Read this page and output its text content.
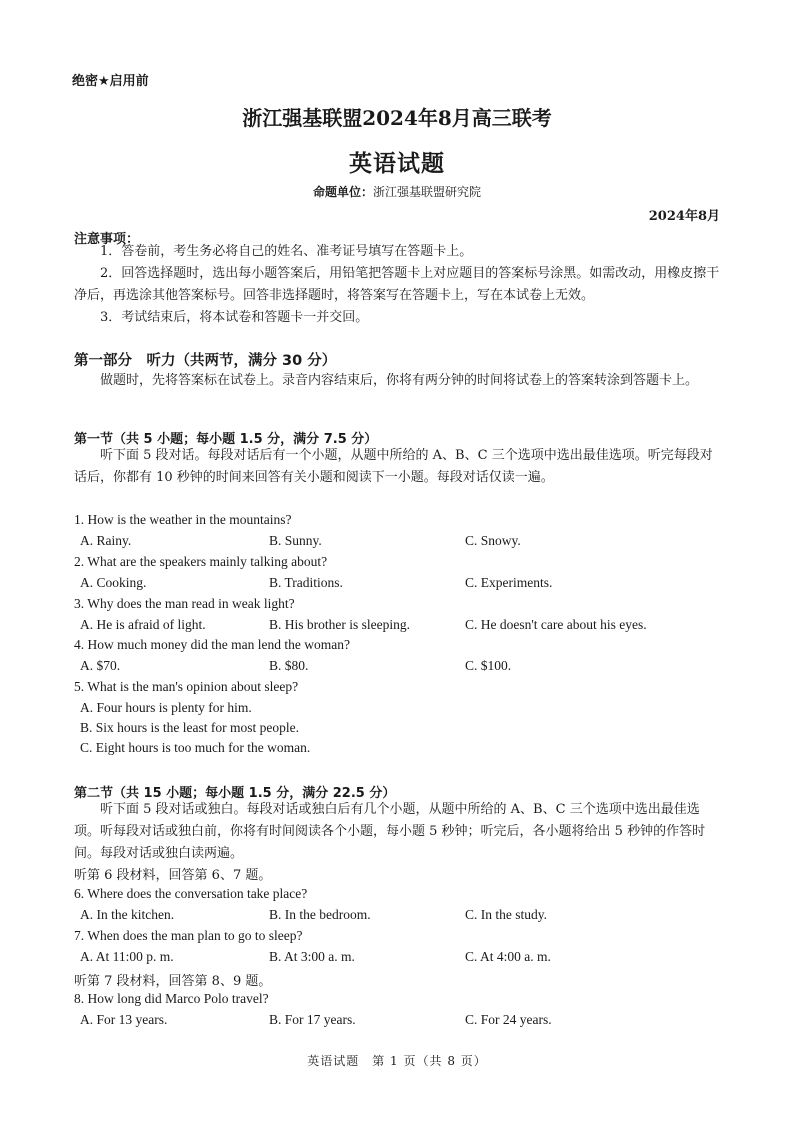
绝密★启用前
浙江强基联盟2024年8月高三联考
英语试题
命题单位：浙江强基联盟研究院
2024年8月
注意事项：
1．答卷前，考生务必将自己的姓名、准考证号填写在答题卡上。
2．回答选择题时，选出每小题答案后，用铅笔把答题卡上对应题目的答案标号涂黑。如需改动，用橡皮擦干净后，再选涂其他答案标号。回答非选择题时，将答案写在答题卡上，写在本试卷上无效。
3．考试结束后，将本试卷和答题卡一并交回。
第一部分　听力（共两节，满分 30 分）
做题时，先将答案标在试卷上。录音内容结束后，你将有两分钟的时间将试卷上的答案转涂到答题卡上。
第一节（共 5 小题；每小题 1.5 分，满分 7.5 分）
听下面 5 段对话。每段对话后有一个小题，从题中所给的 A、B、C 三个选项中选出最佳选项。听完每段对话后，你都有 10 秒钟的时间来回答有关小题和阅读下一小题。每段对话仅读一遍。
1. How is the weather in the mountains?
A. Rainy.	B. Sunny.	C. Snowy.
2. What are the speakers mainly talking about?
A. Cooking.	B. Traditions.	C. Experiments.
3. Why does the man read in weak light?
A. He is afraid of light.	B. His brother is sleeping.	C. He doesn't care about his eyes.
4. How much money did the man lend the woman?
A. $70.	B. $80.	C. $100.
5. What is the man's opinion about sleep?
A. Four hours is plenty for him.
B. Six hours is the least for most people.
C. Eight hours is too much for the woman.
第二节（共 15 小题；每小题 1.5 分，满分 22.5 分）
听下面 5 段对话或独白。每段对话或独白后有几个小题，从题中所给的 A、B、C 三个选项中选出最佳选项。听每段对话或独白前，你将有时间阅读各个小题，每小题 5 秒钟；听完后，各小题将给出 5 秒钟的作答时间。每段对话或独白读两遍。
听第 6 段材料，回答第 6、7 题。
6. Where does the conversation take place?
A. In the kitchen.	B. In the bedroom.	C. In the study.
7. When does the man plan to go to sleep?
A. At 11:00 p. m.	B. At 3:00 a. m.	C. At 4:00 a. m.
听第 7 段材料，回答第 8、9 题。
8. How long did Marco Polo travel?
A. For 13 years.	B. For 17 years.	C. For 24 years.
英语试题　第 1 页（共 8 页）
